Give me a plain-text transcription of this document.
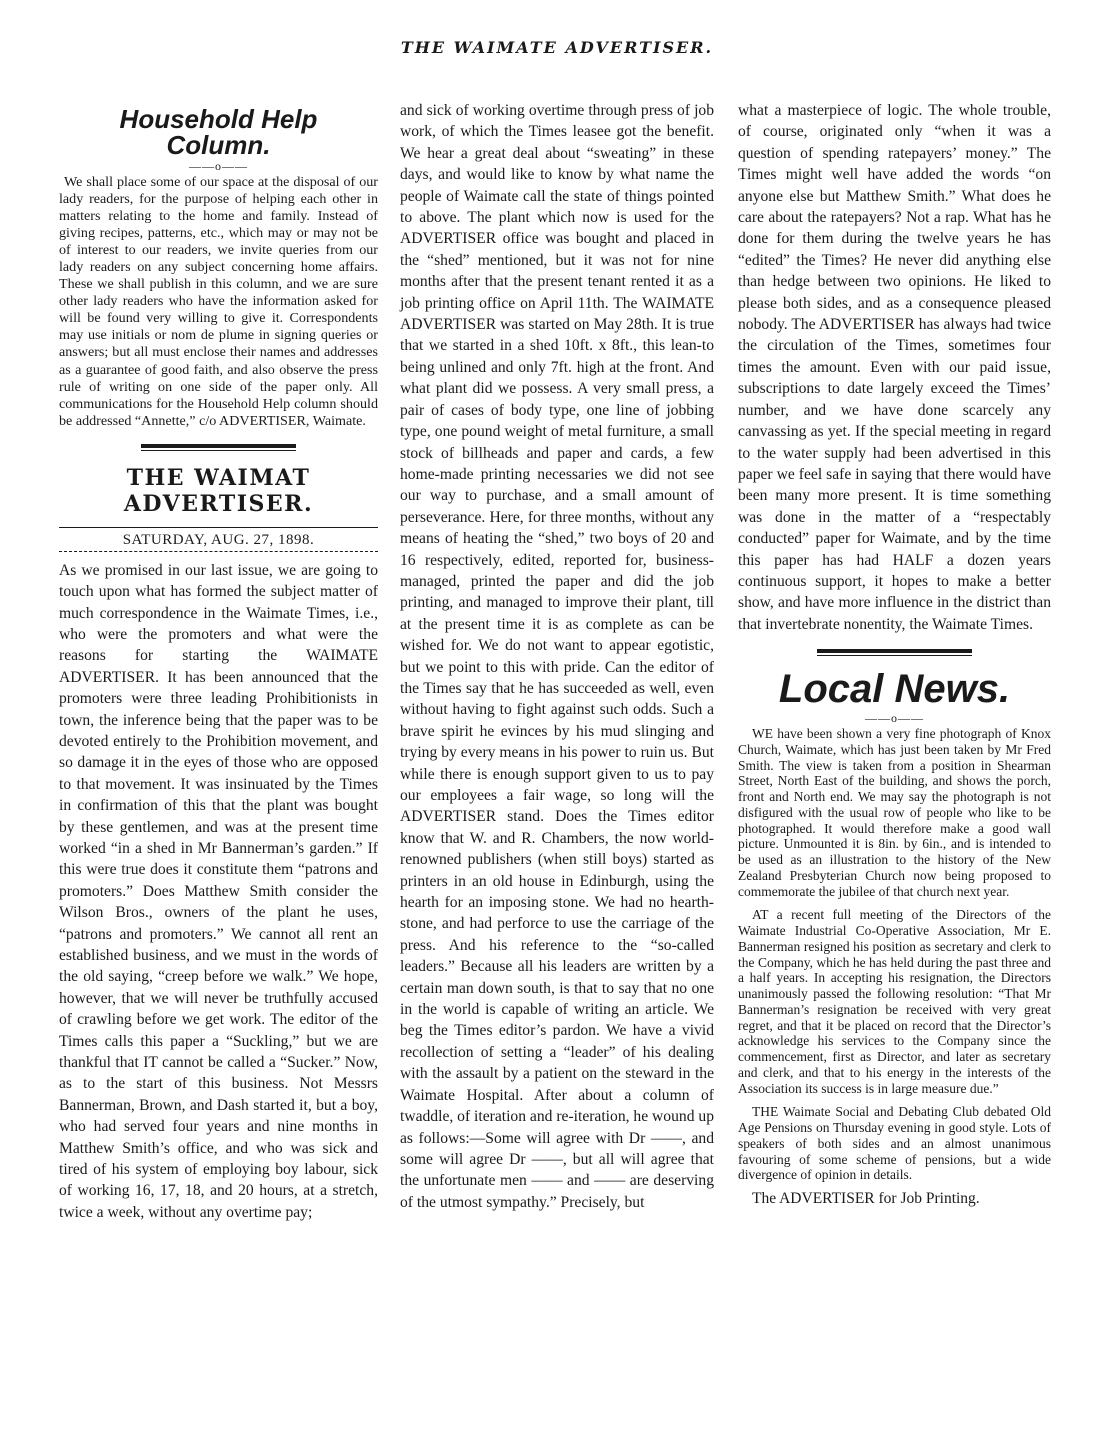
THE WAIMATE ADVERTISER.
Household Help
Column.
——o——

We shall place some of our space at the disposal of our lady readers, for the purpose of helping each other in matters relating to the home and family. Instead of giving recipes, patterns, etc., which may or may not be of interest to our readers, we invite queries from our lady readers on any subject concerning home affairs. These we shall publish in this column, and we are sure other lady readers who have the information asked for will be found very willing to give it. Correspondents may use initials or nom de plume in signing queries or answers; but all must enclose their names and addresses as a guarantee of good faith, and also observe the press rule of writing on one side of the paper only. All communications for the Household Help column should be addressed “Annette,” c/o ADVERTISER, Waimate.

THE WAIMAT ADVERTISER.
SATURDAY, AUG. 27, 1898.

As we promised in our last issue, we are going to touch upon what has formed the subject matter of much correspondence in the Waimate Times, i.e., who were the promoters and what were the reasons for starting the WAIMATE ADVERTISER. It has been announced that the promoters were three leading Prohibitionists in town, the inference being that the paper was to be devoted entirely to the Prohibition movement, and so damage it in the eyes of those who are opposed to that movement. It was insinuated by the Times in confirmation of this that the plant was bought by these gentlemen, and was at the present time worked “in a shed in Mr Bannerman’s garden.” If this were true does it constitute them “patrons and promoters.” Does Matthew Smith consider the Wilson Bros., owners of the plant he uses, “patrons and promoters.” We cannot all rent an established business, and we must in the words of the old saying, “creep before we walk.” We hope, however, that we will never be truthfully accused of crawling before we get work. The editor of the Times calls this paper a “Suckling,” but we are thankful that IT cannot be called a “Sucker.” Now, as to the start of this business. Not Messrs Bannerman, Brown, and Dash started it, but a boy, who had served four years and nine months in Matthew Smith’s office, and who was sick and tired of his system of employing boy labour, sick of working 16, 17, 18, and 20 hours, at a stretch, twice a week, without any overtime pay;

and sick of working overtime through press of job work, of which the Times leasee got the benefit. We hear a great deal about “sweating” in these days, and would like to know by what name the people of Waimate call the state of things pointed to above. The plant which now is used for the ADVERTISER office was bought and placed in the “shed” mentioned, but it was not for nine months after that the present tenant rented it as a job printing office on April 11th. The WAIMATE ADVERTISER was started on May 28th. It is true that we started in a shed 10ft. x 8ft., this lean-to being unlined and only 7ft. high at the front. And what plant did we possess. A very small press, a pair of cases of body type, one line of jobbing type, one pound weight of metal furniture, a small stock of billheads and paper and cards, a few home-made printing necessaries we did not see our way to purchase, and a small amount of perseverance. Here, for three months, without any means of heating the “shed,” two boys of 20 and 16 respectively, edited, reported for, business-managed, printed the paper and did the job printing, and managed to improve their plant, till at the present time it is as complete as can be wished for. We do not want to appear egotistic, but we point to this with pride. Can the editor of the Times say that he has succeeded as well, even without having to fight against such odds. Such a brave spirit he evinces by his mud slinging and trying by every means in his power to ruin us. But while there is enough support given to us to pay our employees a fair wage, so long will the ADVERTISER stand. Does the Times editor know that W. and R. Chambers, the now world-renowned publishers (when still boys) started as printers in an old house in Edinburgh, using the hearth for an imposing stone. We had no hearth-stone, and had perforce to use the carriage of the press. And his reference to the “so-called leaders.” Because all his leaders are written by a certain man down south, is that to say that no one in the world is capable of writing an article. We beg the Times editor’s pardon. We have a vivid recollection of setting a “leader” of his dealing with the assault by a patient on the steward in the Waimate Hospital. After about a column of twaddle, of iteration and re-iteration, he wound up as follows:—Some will agree with Dr ——, and some will agree Dr ——, but all will agree that the unfortunate men —— and —— are deserving of the utmost sympathy.” Precisely, but

what a masterpiece of logic. The whole trouble, of course, originated only “when it was a question of spending ratepayers’ money.” The Times might well have added the words “on anyone else but Matthew Smith.” What does he care about the ratepayers? Not a rap. What has he done for them during the twelve years he has “edited” the Times? He never did anything else than hedge between two opinions. He liked to please both sides, and as a consequence pleased nobody. The ADVERTISER has always had twice the circulation of the Times, sometimes four times the amount. Even with our paid issue, subscriptions to date largely exceed the Times’ number, and we have done scarcely any canvassing as yet. If the special meeting in regard to the water supply had been advertised in this paper we feel safe in saying that there would have been many more present. It is time something was done in the matter of a “respectably conducted” paper for Waimate, and by the time this paper has had HALF a dozen years continuous support, it hopes to make a better show, and have more influence in the district than that invertebrate nonentity, the Waimate Times.

Local News.
——o——

WE have been shown a very fine photograph of Knox Church, Waimate, which has just been taken by Mr Fred Smith. The view is taken from a position in Shearman Street, North East of the building, and shows the porch, front and North end. We may say the photograph is not disfigured with the usual row of people who like to be photographed. It would therefore make a good wall picture. Unmounted it is 8in. by 6in., and is intended to be used as an illustration to the history of the New Zealand Presbyterian Church now being proposed to commemorate the jubilee of that church next year.

AT a recent full meeting of the Directors of the Waimate Industrial Co-Operative Association, Mr E. Bannerman resigned his position as secretary and clerk to the Company, which he has held during the past three and a half years. In accepting his resignation, the Directors unanimously passed the following resolution: “That Mr Bannerman’s resignation be received with very great regret, and that it be placed on record that the Director’s acknowledge his services to the Company since the commencement, first as Director, and later as secretary and clerk, and that to his energy in the interests of the Association its success is in large measure due.”

THE Waimate Social and Debating Club debated Old Age Pensions on Thursday evening in good style. Lots of speakers of both sides and an almost unanimous favouring of some scheme of pensions, but a wide divergence of opinion in details.

The ADVERTISER for Job Printing.
